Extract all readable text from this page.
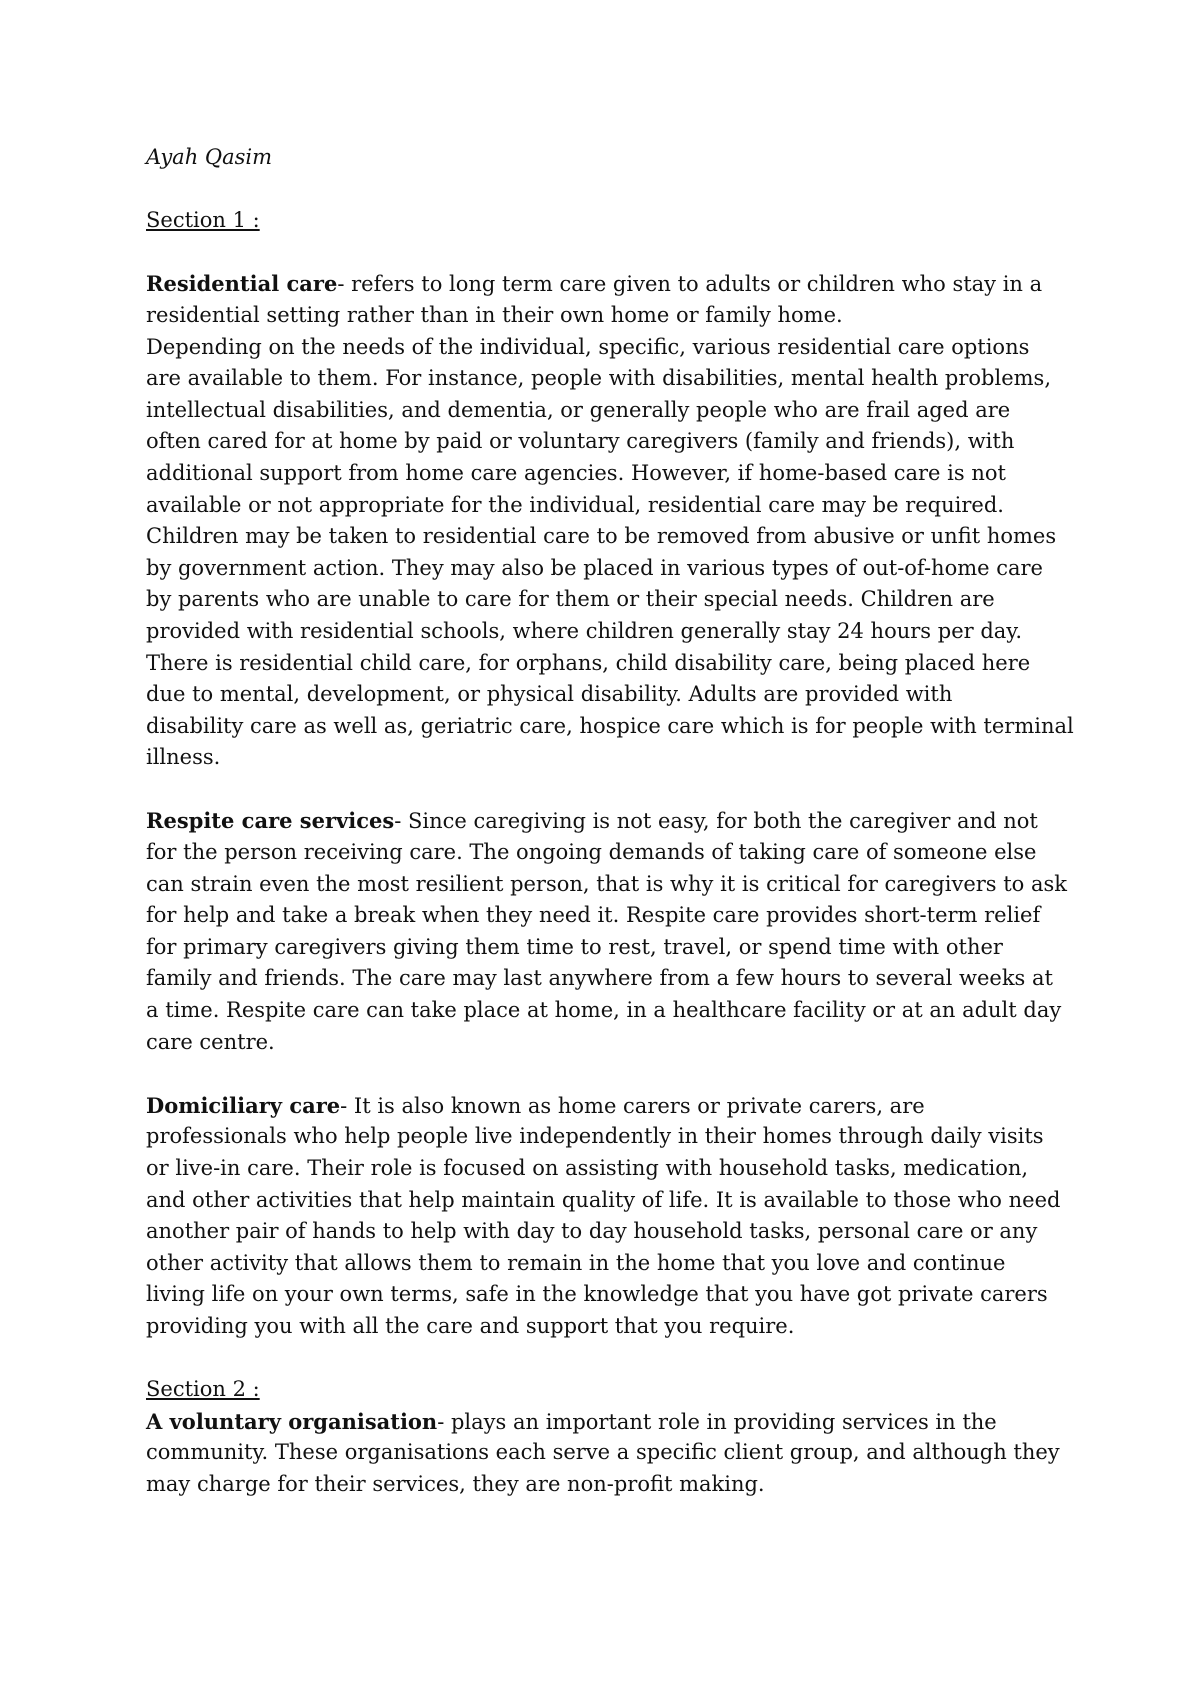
Ayah Qasim

Section 1 :

Residential care- refers to long term care given to adults or children who stay in a
residential setting rather than in their own home or family home.
Depending on the needs of the individual, specific, various residential care options
are available to them. For instance, people with disabilities, mental health problems,
intellectual disabilities, and dementia, or generally people who are frail aged are
often cared for at home by paid or voluntary caregivers (family and friends), with
additional support from home care agencies. However, if home-based care is not
available or not appropriate for the individual, residential care may be required.
Children may be taken to residential care to be removed from abusive or unfit homes
by government action. They may also be placed in various types of out-of-home care
by parents who are unable to care for them or their special needs. Children are
provided with residential schools, where children generally stay 24 hours per day.
There is residential child care, for orphans, child disability care, being placed here
due to mental, development, or physical disability. Adults are provided with
disability care as well as, geriatric care, hospice care which is for people with terminal
illness.
Respite care services- Since caregiving is not easy, for both the caregiver and not
for the person receiving care. The ongoing demands of taking care of someone else
can strain even the most resilient person, that is why it is critical for caregivers to ask
for help and take a break when they need it. Respite care provides short-term relief
for primary caregivers giving them time to rest, travel, or spend time with other
family and friends. The care may last anywhere from a few hours to several weeks at
a time. Respite care can take place at home, in a healthcare facility or at an adult day
care centre.
Domiciliary care- It is also known as home carers or private carers, are
professionals who help people live independently in their homes through daily visits
or live-in care. Their role is focused on assisting with household tasks, medication,
and other activities that help maintain quality of life. It is available to those who need
another pair of hands to help with day to day household tasks, personal care or any
other activity that allows them to remain in the home that you love and continue
living life on your own terms, safe in the knowledge that you have got private carers
providing you with all the care and support that you require.

Section 2 :

A voluntary organisation- plays an important role in providing services in the
community. These organisations each serve a specific client group, and although they
may charge for their services, they are non-profit making.
